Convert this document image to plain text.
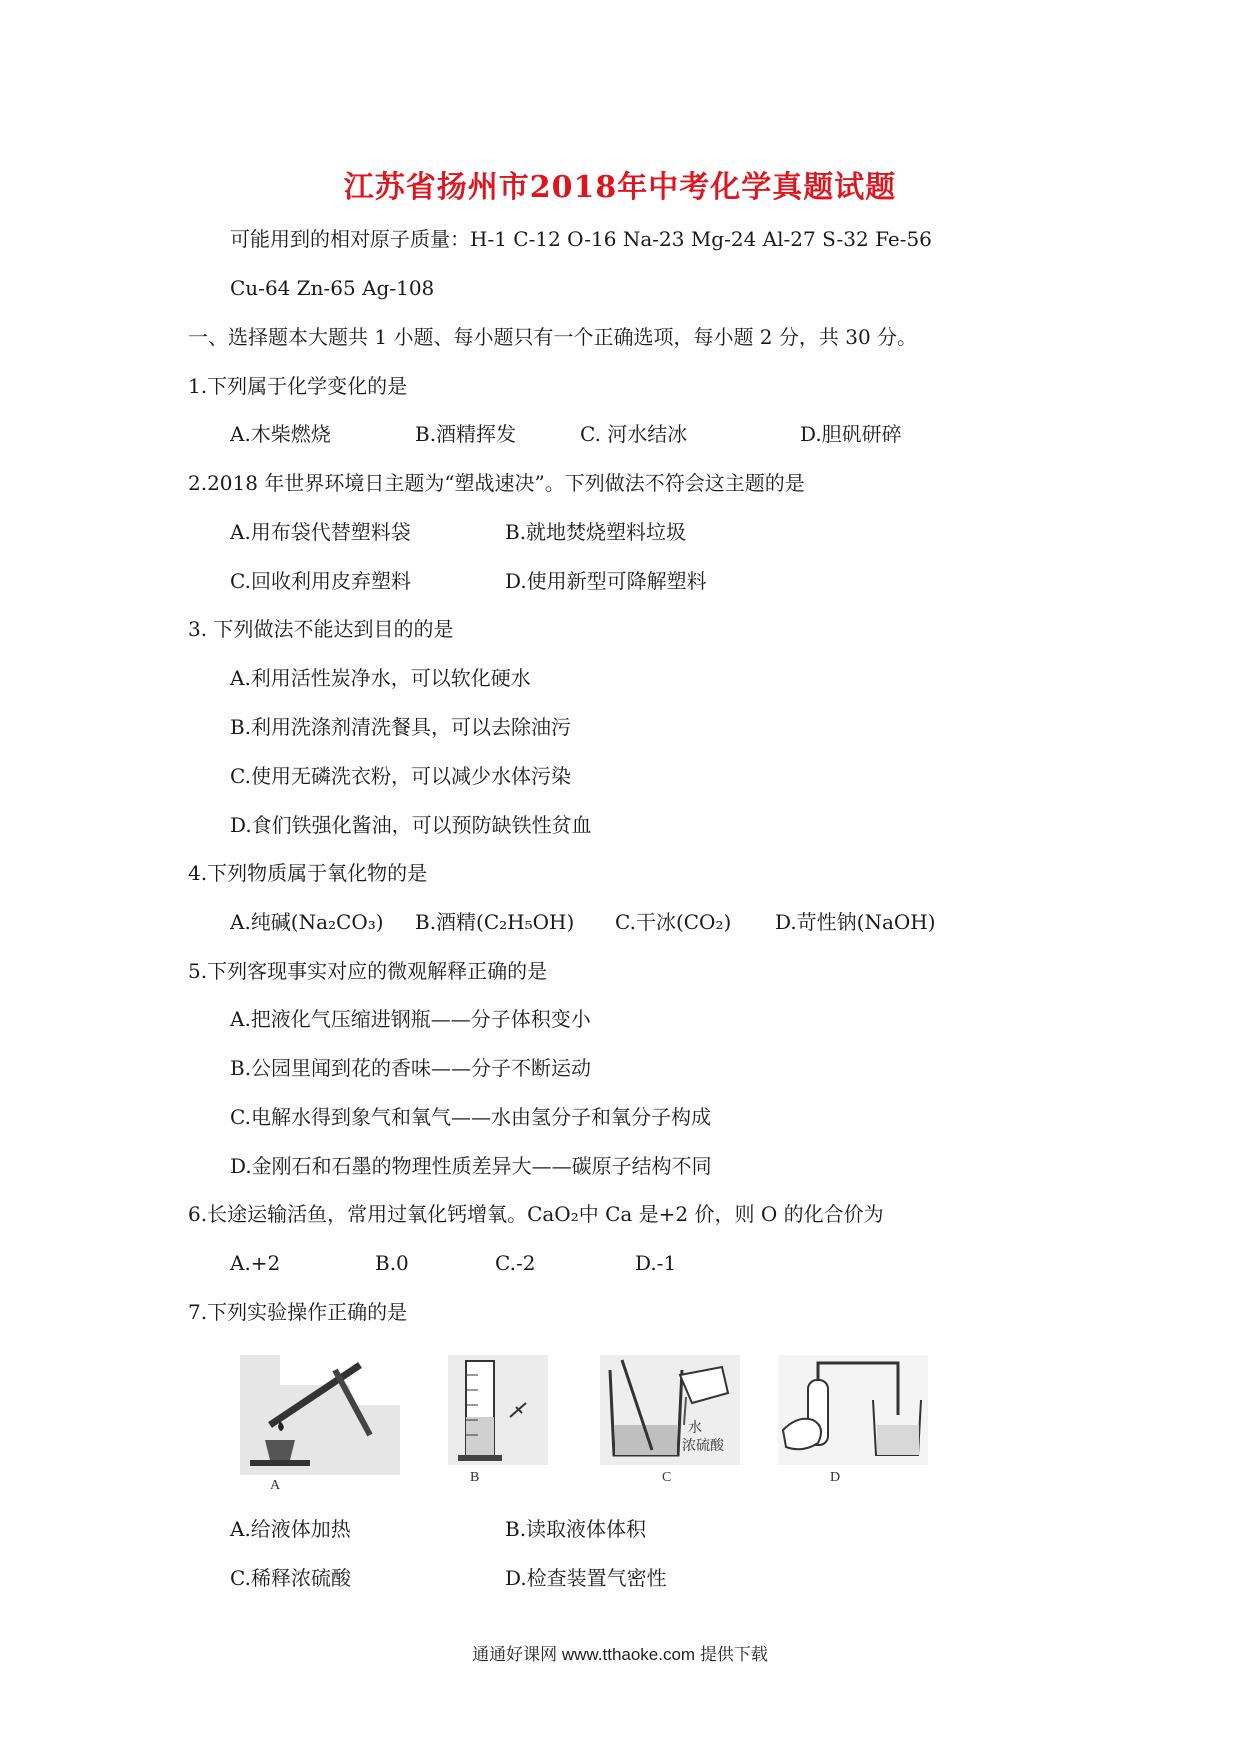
江苏省扬州市2018年中考化学真题试题
可能用到的相对原子质量：H-1 C-12 O-16 Na-23 Mg-24 Al-27 S-32 Fe-56
Cu-64 Zn-65 Ag-108
一、选择题本大题共 1 小题、每小题只有一个正确选项，每小题 2 分，共 30 分。
1.下列属于化学变化的是
A.木柴燃烧	B.酒精挥发	C. 河水结冰	D.胆矾研碎
2.2018 年世界环境日主题为“塑战速决”。下列做法不符会这主题的是
A.用布袋代替塑料袋	B.就地焚烧塑料垃圾
C.回收利用皮弃塑料	D.使用新型可降解塑料
3. 下列做法不能达到目的的是
A.利用活性炭净水，可以软化硬水
B.利用洗涤剂清洗餐具，可以去除油污
C.使用无磷洗衣粉，可以减少水体污染
D.食们铁强化酱油，可以预防缺铁性贫血
4.下列物质属于氧化物的是
A.纯碱(Na₂CO₃) B.酒精(C₂H₅OH) C.干冰(CO₂) D.苛性钠(NaOH)
5.下列客现事实对应的微观解释正确的是
A.把液化气压缩进钢瓶——分子体积变小
B.公园里闻到花的香味——分子不断运动
C.电解水得到象气和氧气——水由氢分子和氧分子构成
D.金刚石和石墨的物理性质差异大——碳原子结构不同
6.长途运输活鱼，常用过氧化钙增氧。CaO₂中 Ca 是+2 价，则 O 的化合价为
A.+2	B.0	C.-2	D.-1
7.下列实验操作正确的是
A
B
水
浓硫酸
C	D
A.给液体加热	B.读取液体体积
C.稀释浓硫酸	D.检查装置气密性
通通好课网 www.tthaoke.com 提供下载
